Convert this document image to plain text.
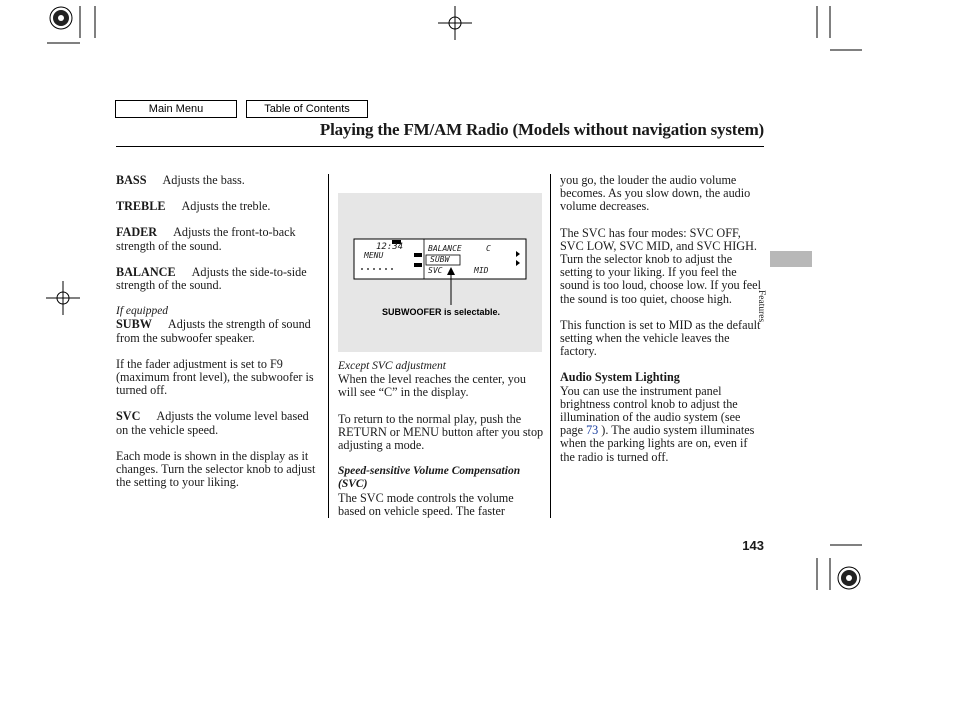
Main Menu	Table of Contents
Playing the FM/AM Radio (Models without navigation system)

BASS Adjusts the bass.

TREBLE Adjusts the treble.

FADER Adjusts the front-to-back strength of the sound.

BALANCE Adjusts the side-to-side strength of the sound.

If equipped

SUBW Adjusts the strength of sound from the subwoofer speaker.

If the fader adjustment is set to F9 (maximum front level), the subwoofer is turned off.

SVC Adjusts the volume level based on the vehicle speed.

Each mode is shown in the display as it changes. Turn the selector knob to adjust the setting to your liking.

12:34
MENU
BALANCE	C
SUBW
SVC	MID
SUBWOOFER is selectable.

Except SVC adjustment

When the level reaches the center, you will see “C” in the display.

To return to the normal play, push the RETURN or MENU button after you stop adjusting a mode.

Speed-sensitive Volume Compensation (SVC)

The SVC mode controls the volume based on vehicle speed. The faster

you go, the louder the audio volume becomes. As you slow down, the audio volume decreases.

The SVC has four modes: SVC OFF, SVC LOW, SVC MID, and SVC HIGH. Turn the selector knob to adjust the setting to your liking. If you feel the sound is too loud, choose low. If you feel the sound is too quiet, choose high.

This function is set to MID as the default setting when the vehicle leaves the factory.

Audio System Lighting

You can use the instrument panel brightness control knob to adjust the illumination of the audio system (see page 73 ). The audio system illuminates when the parking lights are on, even if the radio is turned off.

Features
143
